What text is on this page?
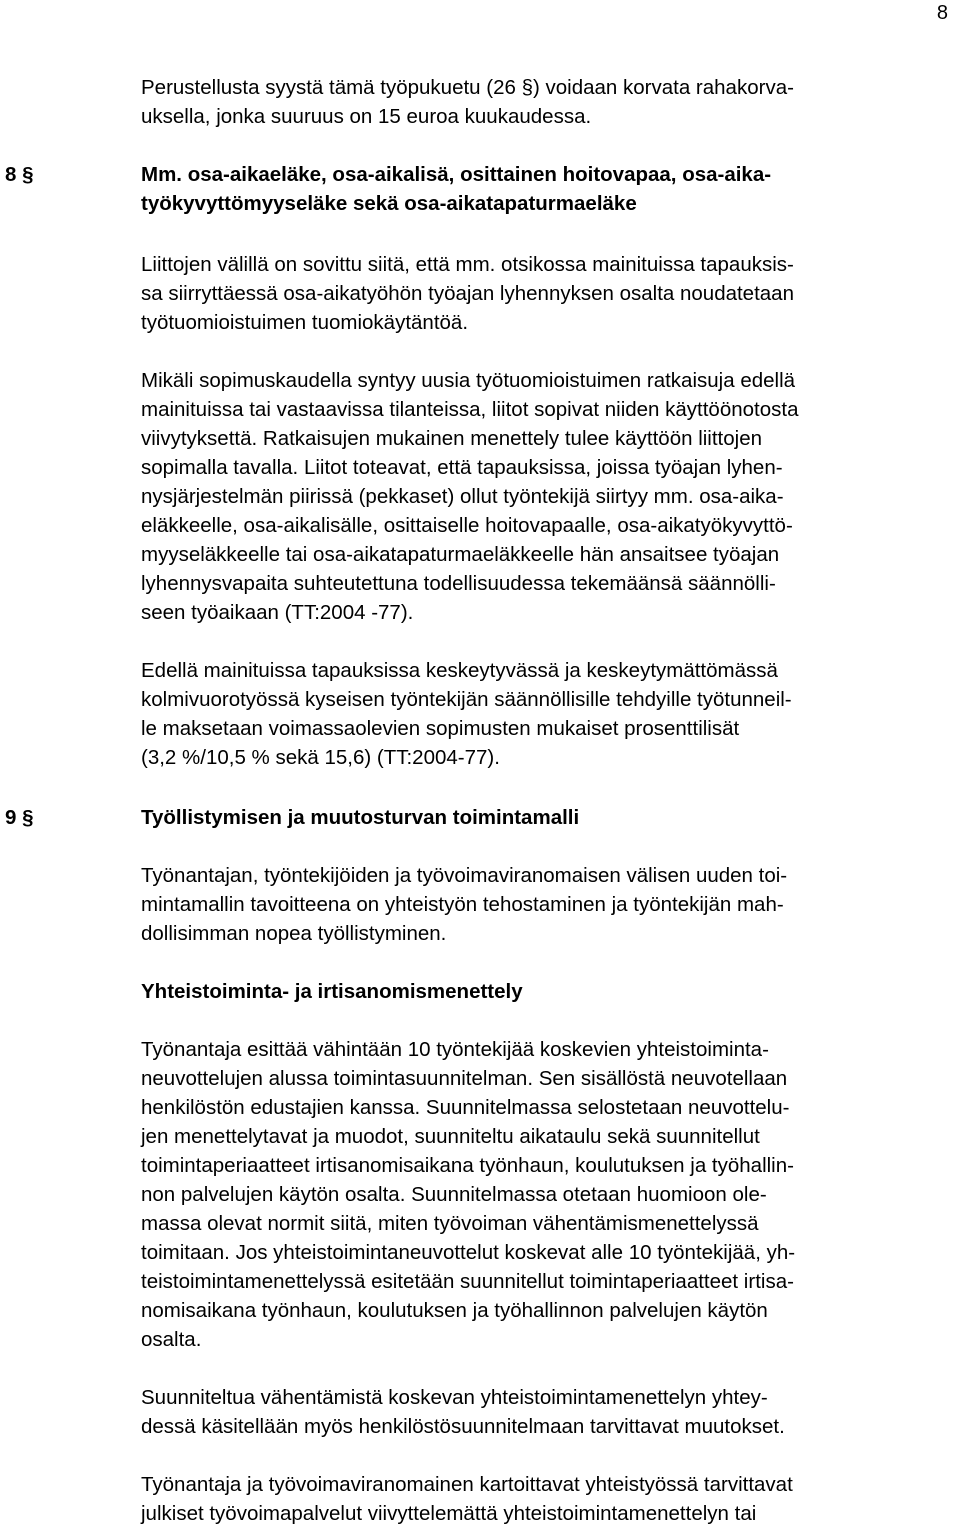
8
Perustellusta syystä tämä työpukuetu (26 §) voidaan korvata rahakorva-
uksella, jonka suuruus on 15 euroa kuukaudessa.
8 §	Mm. osa-aikaeläke, osa-aikalisä, osittainen hoitovapaa, osa-aika-
työkyvyttömyyseläke sekä osa-aikatapaturmaeläke
Liittojen välillä on sovittu siitä, että mm. otsikossa mainituissa tapauksis-
sa siirryttäessä osa-aikatyöhön työajan lyhennyksen osalta noudatetaan
työtuomioistuimen tuomiokäytäntöä.
Mikäli sopimuskaudella syntyy uusia työtuomioistuimen ratkaisuja edellä
mainituissa tai vastaavissa tilanteissa, liitot sopivat niiden käyttöönotosta
viivytyksettä. Ratkaisujen mukainen menettely tulee käyttöön liittojen
sopimalla tavalla. Liitot toteavat, että tapauksissa, joissa työajan lyhen-
nysjärjestelmän piirissä (pekkaset) ollut työntekijä siirtyy mm. osa-aika-
eläkkeelle, osa-aikalisälle, osittaiselle hoitovapaalle, osa-aikatyökyvyttö-
myyseläkkeelle tai osa-aikatapaturmaeläkkeelle hän ansaitsee työajan
lyhennysvapaita suhteutettuna todellisuudessa tekemäänsä säännölli-
seen työaikaan (TT:2004 -77).
Edellä mainituissa tapauksissa keskeytyvässä ja keskeytymättömässä
kolmivuorotyössä kyseisen työntekijän säännöllisille tehdyille työtunneil-
le maksetaan voimassaolevien sopimusten mukaiset prosenttilisät
(3,2 %/10,5 % sekä 15,6) (TT:2004-77).
9 §	Työllistymisen ja muutosturvan toimintamalli
Työnantajan, työntekijöiden ja työvoimaviranomaisen välisen uuden toi-
mintamallin tavoitteena on yhteistyön tehostaminen ja työntekijän mah-
dollisimman nopea työllistyminen.
Yhteistoiminta- ja irtisanomismenettely
Työnantaja esittää vähintään 10 työntekijää koskevien yhteistoiminta-
neuvottelujen alussa toimintasuunnitelman. Sen sisällöstä neuvotellaan
henkilöstön edustajien kanssa. Suunnitelmassa selostetaan neuvottelu-
jen menettelytavat ja muodot, suunniteltu aikataulu sekä suunnitellut
toimintaperiaatteet irtisanomisaikana työnhaun, koulutuksen ja työhallin-
non palvelujen käytön osalta. Suunnitelmassa otetaan huomioon ole-
massa olevat normit siitä, miten työvoiman vähentämismenettelyssä
toimitaan. Jos yhteistoimintaneuvottelut koskevat alle 10 työntekijää, yh-
teistoimintamenettelyssä esitetään suunnitellut toimintaperiaatteet irtisa-
nomisaikana työnhaun, koulutuksen ja työhallinnon palvelujen käytön
osalta.
Suunniteltua vähentämistä koskevan yhteistoimintamenettelyn yhtey-
dessä käsitellään myös henkilöstösuunnitelmaan tarvittavat muutokset.
Työnantaja ja työvoimaviranomainen kartoittavat yhteistyössä tarvittavat
julkiset työvoimapalvelut viivyttelemättä yhteistoimintamenettelyn tai
